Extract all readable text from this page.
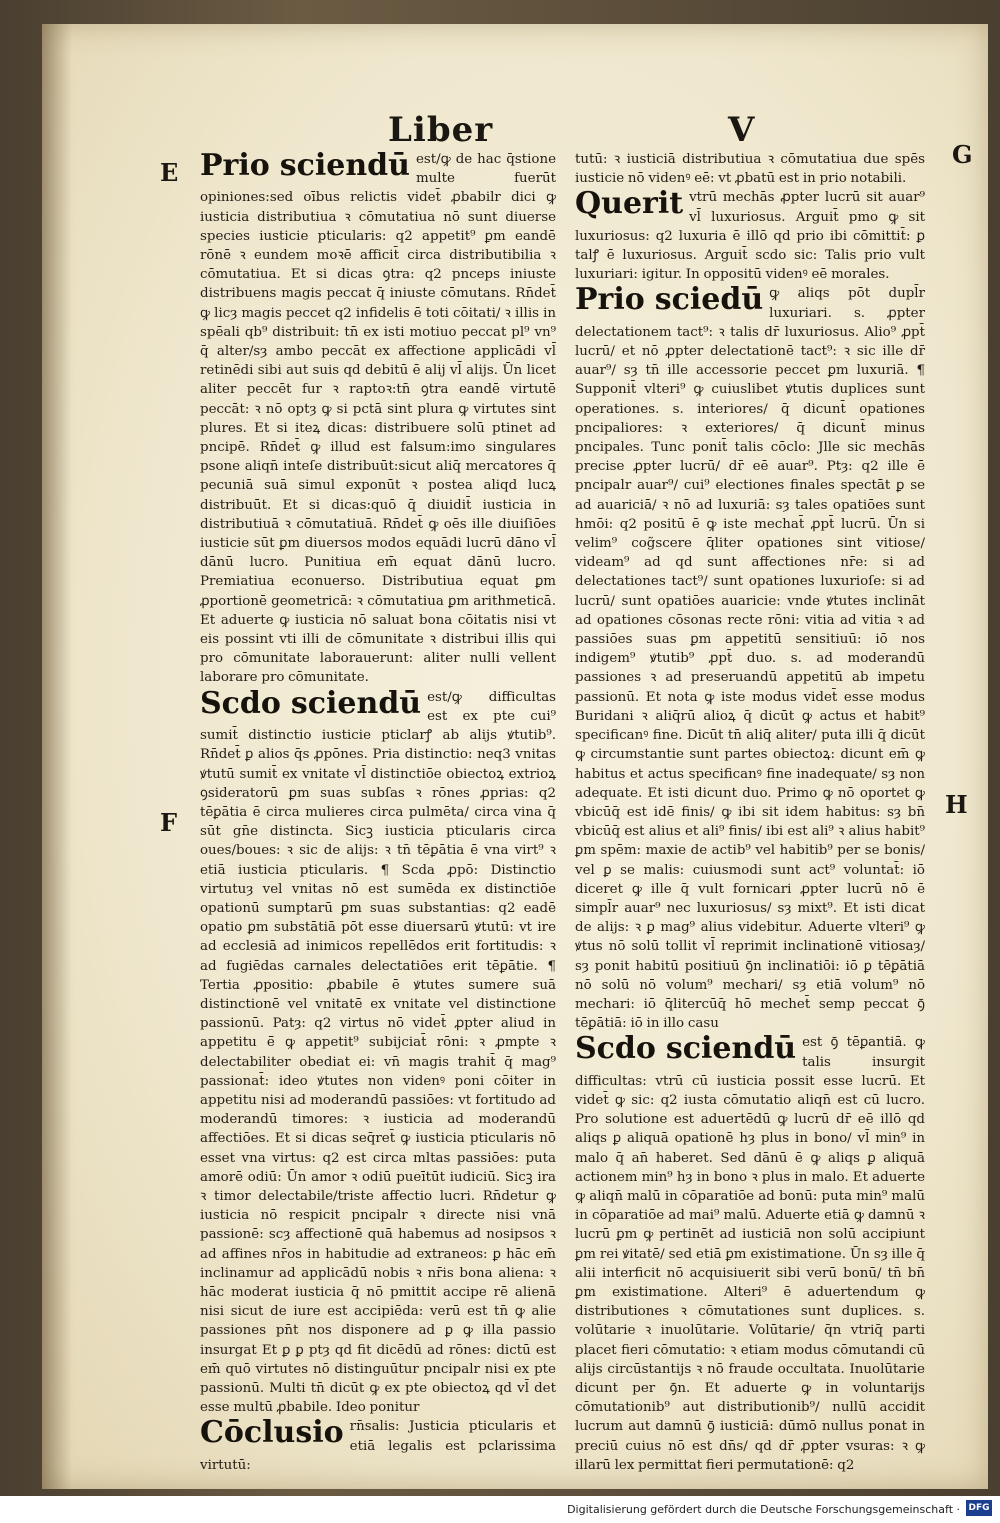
Liber	V
E
G
F
H

Prio sciendū est/ꝙ de hac q̄stione multe fuerūt opiniones:sed oībus relictis videt̄ ꝓbabilr dici ꝙ iusticia distributiua ꝛ cōmutatiua nō sunt diuerse species iusticie pticularis: q2 appetit⁹ ꝑm eandē rōnē ꝛ eundem moꝛē afficit̄ circa distributibilia ꝛ cōmutatiua. Et si dicas ꝯtra: q2 pnceps iniuste distribuens magis peccat q̄ iniuste cōmutans. Rn̄det̄ ꝙ licȝ magis peccet q2 infidelis ē toti cōitati/ ꝛ illis in spēali qb⁹ distribuit: tn̄ ex isti motiuo peccat pl⁹ vn⁹ q̄ alter/sȝ ambo peccāt ex affectione applicādi vl̄ retinēdi sibi aut suis qd debitū ē alij vl̄ alijs. Ūn licet aliter peccēt fur ꝛ raptoꝛ:tn̄ ꝯtra eandē virtutē peccāt: ꝛ nō optȝ ꝙ si pctā sint plura ꝙ virtutes sint plures. Et si iteꝝ dicas: distribuere solū ptinet ad pncipē. Rn̄det̄ ꝙ illud est falsum:imo singulares psone aliqn̄ inteſe distribuūt:sicut aliq̄ mercatores q̄ pecuniā suā simul exponūt ꝛ postea aliqd lucꝝ distribuūt. Et si dicas:quō q̄ diuidit̄ iusticia in distributiuā ꝛ cōmutatiuā. Rn̄det̄ ꝙ oēs ille diuiſiōes iusticie sūt ꝑm diuersos modos equādi lucrū dāno vl̄ dānū lucro. Punitiua em̄ equat dānū lucro. Premiatiua econuerso. Distributiua equat ꝑm ꝓportionē geometricā: ꝛ cōmutatiua ꝑm arithmeticā. Et aduerte ꝙ iusticia nō saluat bona cōitatis nisi vt eis possint vti illi de cōmunitate ꝛ distribui illis qui pro cōmunitate laborauerunt: aliter nulli vellent laborare pro cōmunitate.

Scdo sciendū est/ꝙ difficultas est ex pte cui⁹ sumit̄ distinctio iusticie pticlarꝭ ab alijs ꝟtutib⁹. Rn̄det̄ ꝑ alios q̄s ꝓpōnes. Pria distinctio: neq3 vnitas ꝟtutū sumit̄ ex vnitate vl̄ distinctiōe obiectoꝝ extrioꝝ ꝯsideratorū ꝑm suas subſas ꝛ rōnes ꝓprias: q2 tēꝑātia ē circa mulieres circa pulmēta/ circa vina q̄ sūt gn̄e distincta. Sicꝫ iusticia pticularis circa oues/boues: ꝛ sic de alijs: ꝛ tn̄ tēꝑātia ē vna virt⁹ ꝛ etiā iusticia pticularis. ¶ Scda ꝓpō: Distinctio virtutuȝ vel vnitas nō est sumēda ex distinctiōe opationū sumptarū ꝑm suas substantias: q2 eadē opatio ꝑm substātiā pōt esse diuersarū ꝟtutū: vt ire ad ecclesiā ad inimicos repellēdos erit fortitudis: ꝛ ad fugiēdas carnales delectatiōes erit tēꝑātie. ¶ Tertia ꝓpositio: ꝓbabile ē ꝟtutes sumere suā distinctionē vel vnitatē ex vnitate vel distinctione passionū. Patȝ: q2 virtus nō videt̄ ꝓpter aliud in appetitu ē̄ ꝙ appetit⁹ subijciat̄ rōni: ꝛ ꝓmpte ꝛ delectabiliter obediat ei: vn̄ magis trahit̄ q̄ mag⁹ passionat̄: ideo ꝟtutes non videnꝰ poni cōiter in appetitu nisi ad moderandū passiōes: vt fortitudo ad moderandū timores: ꝛ iusticia ad moderandū affectiōes. Et si dicas seq̄ret̄ ꝙ iusticia pticularis nō esset vna virtus: q2 est circa mltas passiōes: puta amorē odiū: Ūn amor ꝛ odiū pueītūt iudiciū. Sicꝫ ira ꝛ timor delectabile/triste affectio lucri. Rn̄detur ꝙ iusticia nō respicit pncipalr ꝛ directe nisi vnā passionē: scȝ affectionē quā habemus ad nosipsos ꝛ ad affines nr̄os in habitudie ad extraneos: ꝑ hāc em̄ inclinamur ad applicādū nobis ꝛ nr̄is bona aliena: ꝛ hāc moderat iusticia q̄ nō pmittit accipe rē alienā nisi sicut de iure est accipiēda: verū est tn̄ ꝙ alie passiones pn̄t nos disponere ad ꝑ ꝙ illa passio insurgat Et ꝑ ꝑ ptȝ qd fit dicēdū ad rōnes: dictū est em̄ quō virtutes nō distinguūtur pncipalr nisi ex pte passionū. Multi tn̄ dicūt ꝙ ex pte obiectoꝝ qd vl̄ det esse multū ꝓbabile. Ideo ponitur

Cōclusio rn̄salis: Justicia pticularis et etiā legalis est pclarissima virtutū:

tutū: ꝛ iusticiā distributiua ꝛ cōmutatiua due spēs iusticie nō videnꝰ eē: vt ꝓbatū est in prio notabili.

Querit vtrū mechās ꝓpter lucrū sit auar⁹ vl̄ luxuriosus. Arguit̄ pmo ꝙ sit luxuriosus: q2 luxuria ē illō qd prio ibi cōmittit̄: ꝑ talꝭ ē luxuriosus. Arguit̄ scdo sic: Talis prio vult luxuriari: igitur. In oppositū videnꝰ eē morales.

Prio sciedū ꝙ aliqs pōt dupl̄r luxuriari. s. ꝓpter delectationem tact⁹: ꝛ talis dr̄ luxuriosus. Alio⁹ ꝓpt̄ lucrū/ et nō ꝓpter delectationē tact⁹: ꝛ sic ille dr̄ auar⁹/ sȝ tn̄ ille accessorie peccet ꝑm luxuriā. ¶ Supponit̄ vlteri⁹ ꝙ cuiuslibet ꝟtutis duplices sunt operationes. s. interiores/ q̄ dicunt̄ opationes pncipaliores: ꝛ exteriores/ q̄ dicunt̄ minus pncipales. Tunc ponit̄ talis cōclo: Jlle sic mechās precise ꝓpter lucrū/ dr̄ eē auar⁹. Ptȝ: q2 ille ē pncipalr auar⁹/ cui⁹ electiones finales spectāt ꝑ se ad auariciā/ ꝛ nō ad luxuriā: sȝ tales opatiōes sunt hmōi: q2 positū ē ꝙ iste mechat̄ ꝓpt̄ lucrū. Ūn si velim⁹ cog̃scere q̄liter opationes sint vitiose/ videam⁹ ad qd sunt affectiones nr̄e: si ad delectationes tact⁹/ sunt opationes luxurioſe: si ad lucrū/ sunt opatiōes auaricie: vnde ꝟtutes inclināt ad opationes cōsonas recte rōni: vitia ad vitia ꝛ ad passiōes suas ꝑm appetitū sensitiuū: iō nos indigem⁹ ꝟtutib⁹ ꝓpt̄ duo. s. ad moderandū passiones ꝛ ad preseruandū appetitū ab impetu passionū. Et nota ꝙ iste modus videt̄ esse modus Buridani ꝛ aliq̄rū alioꝝ q̄ dicūt ꝙ actus et habit⁹ specificanꝰ fine. Dicūt tn̄ aliq̄ aliter/ puta illi q̄ dicūt ꝙ circumstantie sunt partes obiectoꝝ: dicunt em̄ ꝙ habitus et actus specificanꝰ fine inadequate/ sȝ non adequate. Et isti dicunt duo. Primo ꝙ nō oportet ꝙ vbicūq̄ est idē finis/ ꝙ ibi sit idem habitus: sȝ bn̄ vbicūq̄ est alius et ali⁹ finis/ ibi est ali⁹ ꝛ alius habit⁹ ꝑm spēm: maxie de actib⁹ vel habitib⁹ per se bonis/ vel ꝑ se malis: cuiusmodi sunt act⁹ voluntat̄: iō diceret ꝙ ille q̄ vult fornicari ꝓpter lucrū nō ē simpl̄r auar⁹ nec luxuriosus/ sȝ mixt⁹. Et isti dicat de alijs: ꝛ ꝑ mag⁹ alius videbitur. Aduerte vlteri⁹ ꝙ ꝟtus nō solū tollit vl̄ reprimit inclinationē vitiosaȝ/ sȝ ponit habitū positiuū ꝯ̄n inclinatiōi: iō ꝑ tēꝑātiā nō solū nō volum⁹ mechari/ sȝ etiā volum⁹ nō mechari: iō q̄litercūq̄ hō mechet̄ semp peccat ꝯ̄ tēꝑātiā: iō in illo casu

Scdo sciendū est ꝯ̄ tēꝑantiā. ꝙ talis insurgit difficultas: vtrū cū iusticia possit esse lucrū. Et videt̄ ꝙ sic: q2 iusta cōmutatio aliqn̄ est cū lucro. Pro solutione est aduertēdū ꝙ lucrū dr̄ eē illō qd aliqs ꝑ aliquā opationē hȝ plus in bono/ vl̄ min⁹ in malo q̄ an̄ haberet. Sed dānū ē ꝙ aliqs ꝑ aliquā actionem min⁹ hȝ in bono ꝛ plus in malo. Et aduerte ꝙ aliqn̄ malū in cōparatiōe ad bonū: puta min⁹ malū in cōparatiōe ad mai⁹ malū. Aduerte etiā ꝙ damnū ꝛ lucrū ꝑm ꝙ pertinēt ad iusticiā non solū accipiunt ꝑm rei ꝟitatē/ sed etiā ꝑm existimatione. Ūn sȝ ille q̄ alii interficit nō acquisiuerit sibi verū bonū/ tn̄ bn̄ ꝑm existimatione. Alteri⁹ ē aduertendum ꝙ distributiones ꝛ cōmutationes sunt duplices. s. volūtarie ꝛ inuolūtarie. Volūtarie/ q̄n vtriq̄ parti placet fieri cōmutatio: ꝛ etiam modus cōmutandi cū alijs circūstantijs ꝛ nō fraude occultata. Inuolūtarie dicunt per ꝯ̄n. Et aduerte ꝙ in voluntarijs cōmutationib⁹ aut distributionib⁹/ nullū accidit lucrum aut damnū ꝯ̄ iusticiā: dūmō nullus ponat in preciū cuius nō est dn̄s/ qd dr̄ ꝓpter vsuras: ꝛ ꝙ illarū lex permittat fieri permutationē: q2

Digitalisierung gefördert durch die Deutsche Forschungsgemeinschaft · DFG
